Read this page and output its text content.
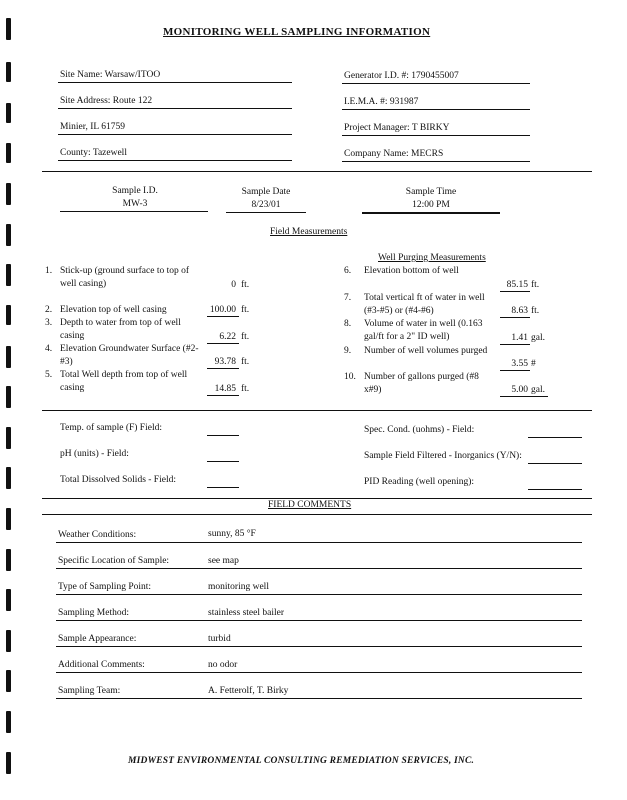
MONITORING WELL SAMPLING INFORMATION
Site Name: Warsaw/ITOO
Site Address: Route 122
Minier, IL 61759
County: Tazewell
Generator I.D. #: 1790455007
I.E.M.A. #: 931987
Project Manager: T BIRKY
Company Name: MECRS
Sample I.D.
MW-3
Sample Date
8/23/01
Sample Time
12:00 PM
Field Measurements
Well Purging Measurements
1. Stick-up (ground surface to top of
well casing)	0 ft.
2. Elevation top of well casing	100.00 ft.
3. Depth to water from top of well
casing	6.22 ft.
4. Elevation Groundwater Surface (#2-
#3)	93.78 ft.
5. Total Well depth from top of well
casing	14.85 ft.
6. Elevation bottom of well
85.15 ft.
7. Total vertical ft of water in well
(#3-#5) or (#4-#6)	8.63 ft.
8. Volume of water in well (0.163
gal/ft for a 2" ID well)	1.41 gal.
9. Number of well volumes purged
3.55 #
10. Number of gallons purged (#8
x#9)	5.00 gal.
Temp. of sample (F) Field:
pH (units) - Field:
Total Dissolved Solids - Field:
Spec. Cond. (uohms) - Field:
Sample Field Filtered - Inorganics (Y/N):
PID Reading (well opening):
FIELD COMMENTS
Weather Conditions:	sunny, 85 °F
Specific Location of Sample:	see map
Type of Sampling Point:	monitoring well
Sampling Method:	stainless steel bailer
Sample Appearance:	turbid
Additional Comments:	no odor
Sampling Team:	A. Fetterolf, T. Birky
MIDWEST ENVIRONMENTAL CONSULTING REMEDIATION SERVICES, INC.
